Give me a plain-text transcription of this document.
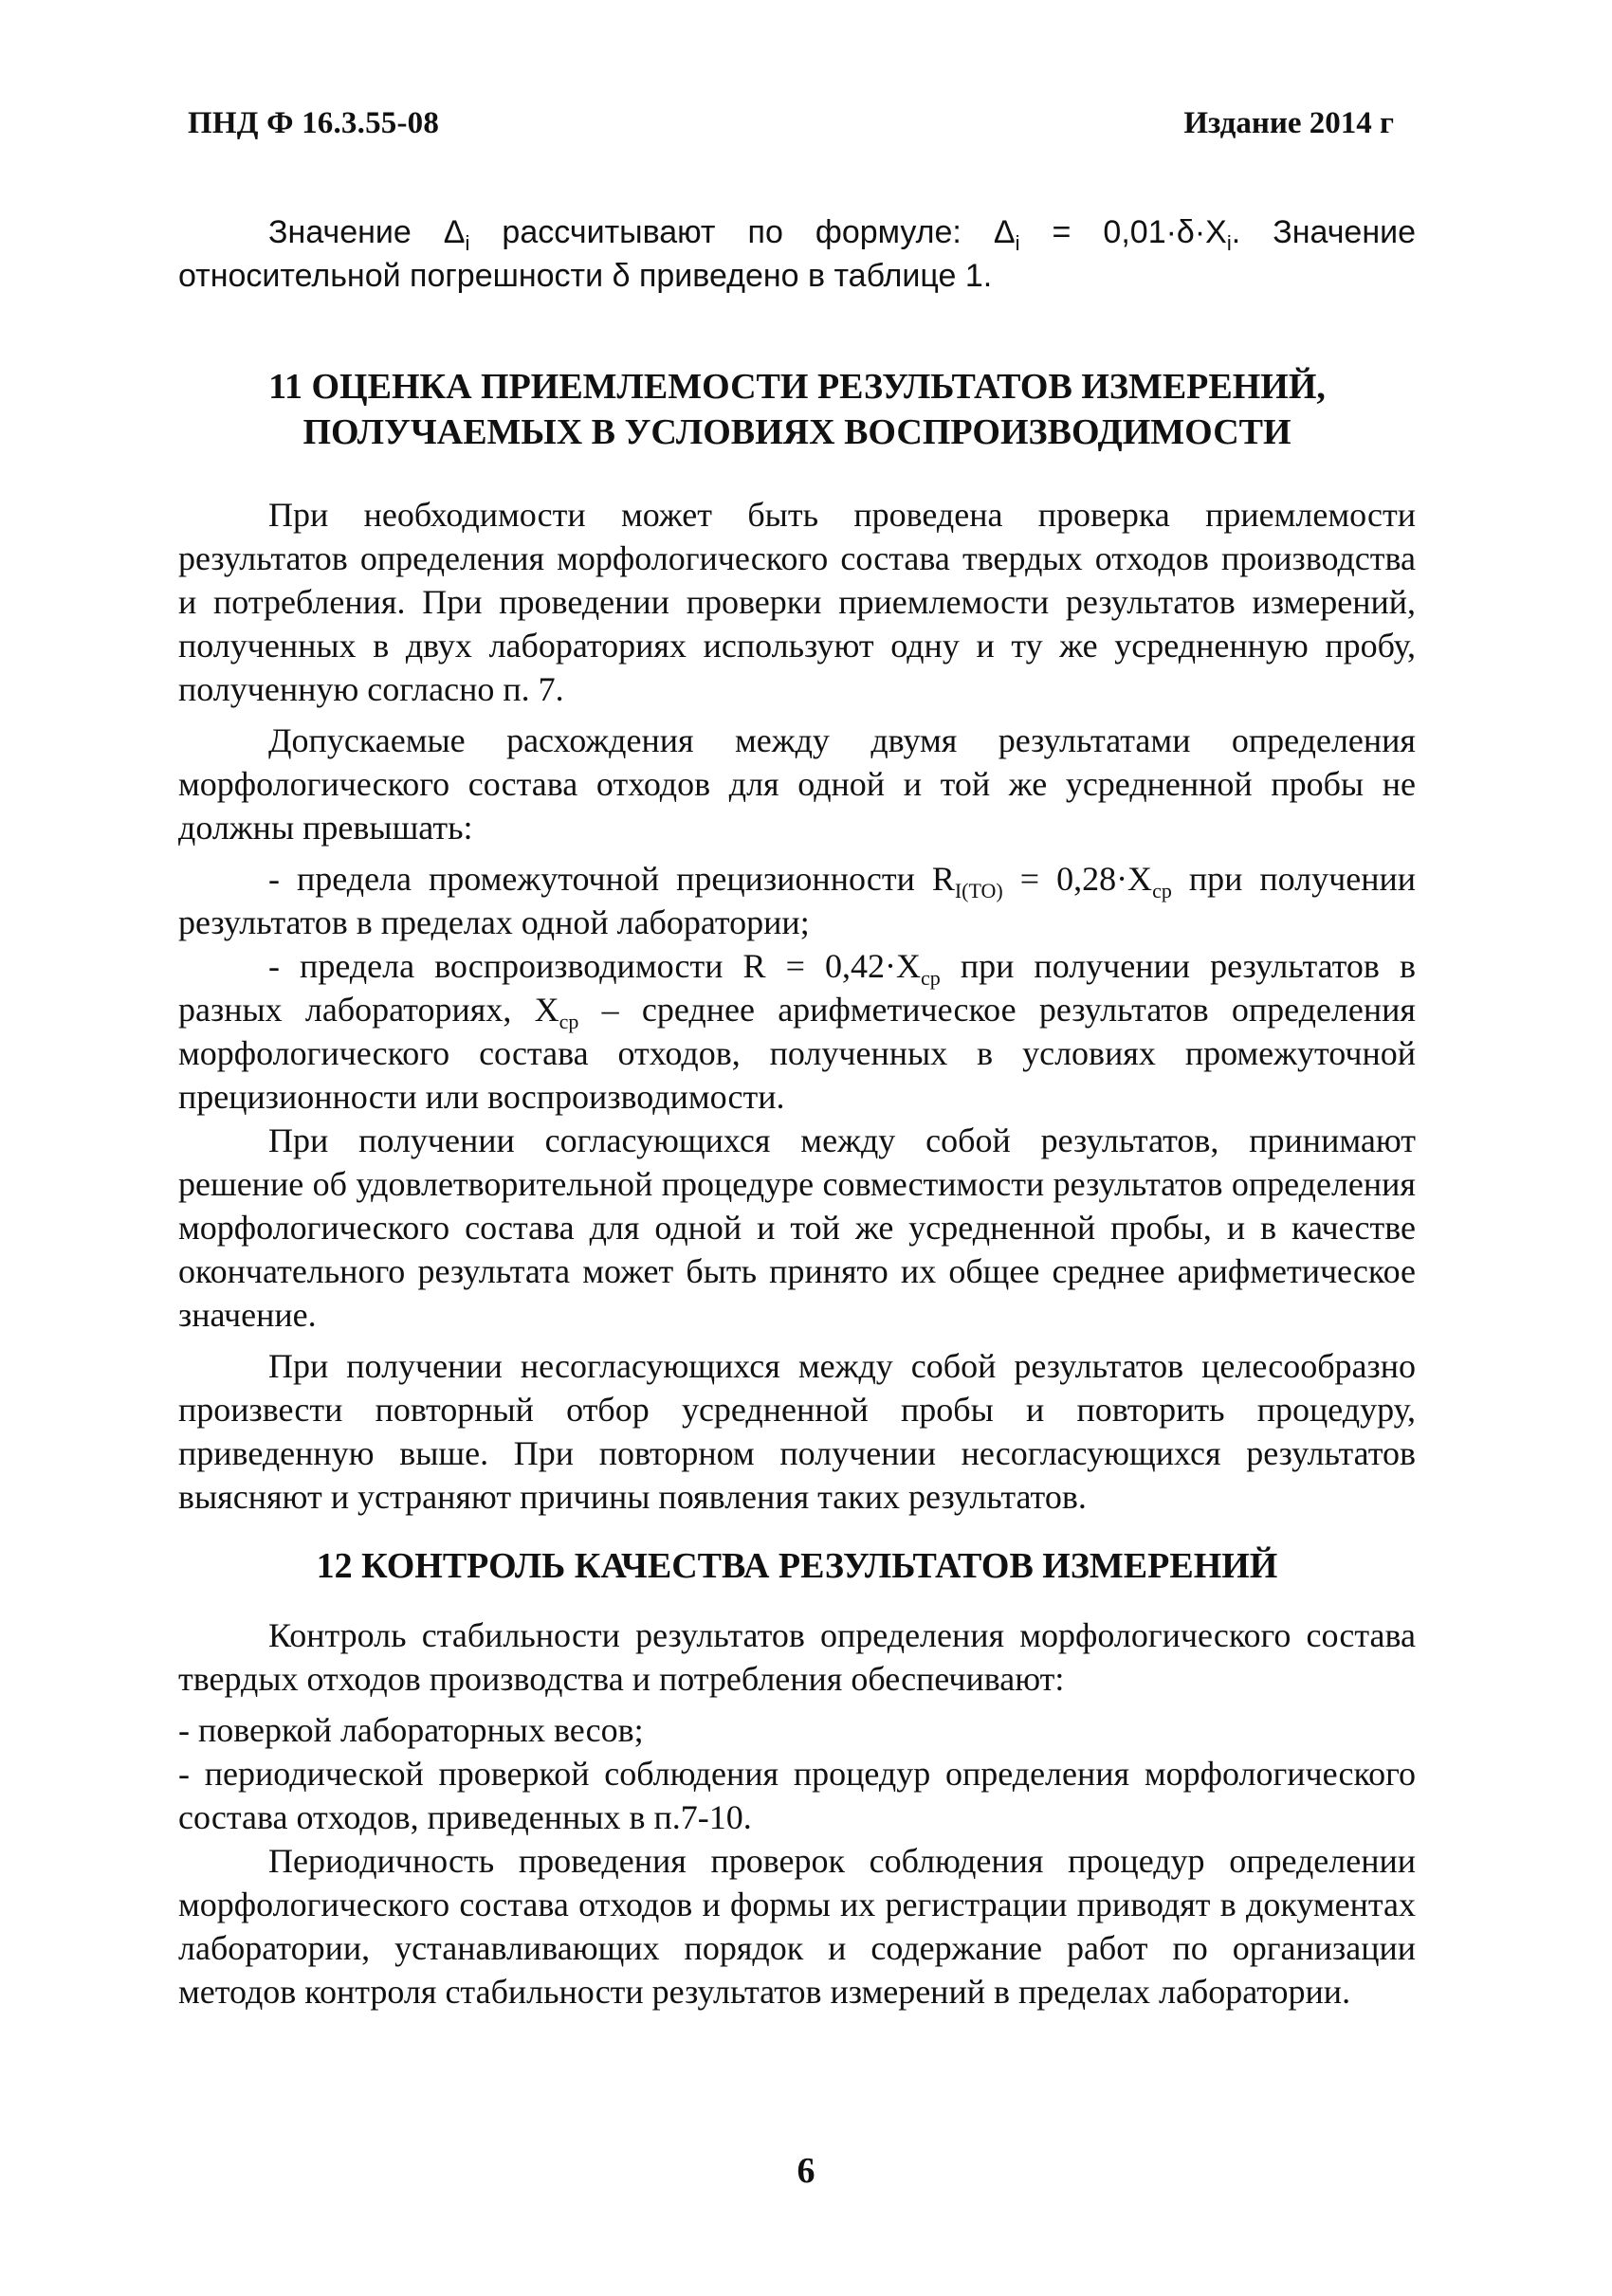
ПНД Ф 16.3.55-08	Издание 2014 г

Значение $\Delta_i$ рассчитывают по формуле: $\Delta_i = 0,01\cdot\delta\cdot X_i$. Значение относительной погрешности δ приведено в таблице 1.

11 ОЦЕНКА ПРИЕМЛЕМОСТИ РЕЗУЛЬТАТОВ ИЗМЕРЕНИЙ,
ПОЛУЧАЕМЫХ В УСЛОВИЯХ ВОСПРОИЗВОДИМОСТИ

При необходимости может быть проведена проверка приемлемости результатов определения морфологического состава твердых отходов производства и потребления. При проведении проверки приемлемости результатов измерений, полученных в двух лабораториях используют одну и ту же усредненную пробу, полученную согласно п. 7.

Допускаемые расхождения между двумя результатами определения морфологического состава отходов для одной и той же усредненной пробы не должны превышать:

- предела промежуточной прецизионности $R_{I(TO)} = 0,28\cdot X_{ср}$ при получении результатов в пределах одной лаборатории;

- предела воспроизводимости $R = 0,42\cdot X_{ср}$ при получении результатов в разных лабораториях, $X_{ср}$ – среднее арифметическое результатов определения морфологического состава отходов, полученных в условиях промежуточной прецизионности или воспроизводимости.

При получении согласующихся между собой результатов, принимают решение об удовлетворительной процедуре совместимости результатов определения морфологического состава для одной и той же усредненной пробы, и в качестве окончательного результата может быть принято их общее среднее арифметическое значение.

При получении несогласующихся между собой результатов целесообразно произвести повторный отбор усредненной пробы и повторить процедуру, приведенную выше. При повторном получении несогласующихся результатов выясняют и устраняют причины появления таких результатов.

12 КОНТРОЛЬ КАЧЕСТВА РЕЗУЛЬТАТОВ ИЗМЕРЕНИЙ

Контроль стабильности результатов определения морфологического состава твердых отходов производства и потребления обеспечивают:

- поверкой лабораторных весов;

- периодической проверкой соблюдения процедур определения морфологического состава отходов, приведенных в п.7-10.

Периодичность проведения проверок соблюдения процедур определении морфологического состава отходов и формы их регистрации приводят в документах лаборатории, устанавливающих порядок и содержание работ по организации методов контроля стабильности результатов измерений в пределах лаборатории.

6
